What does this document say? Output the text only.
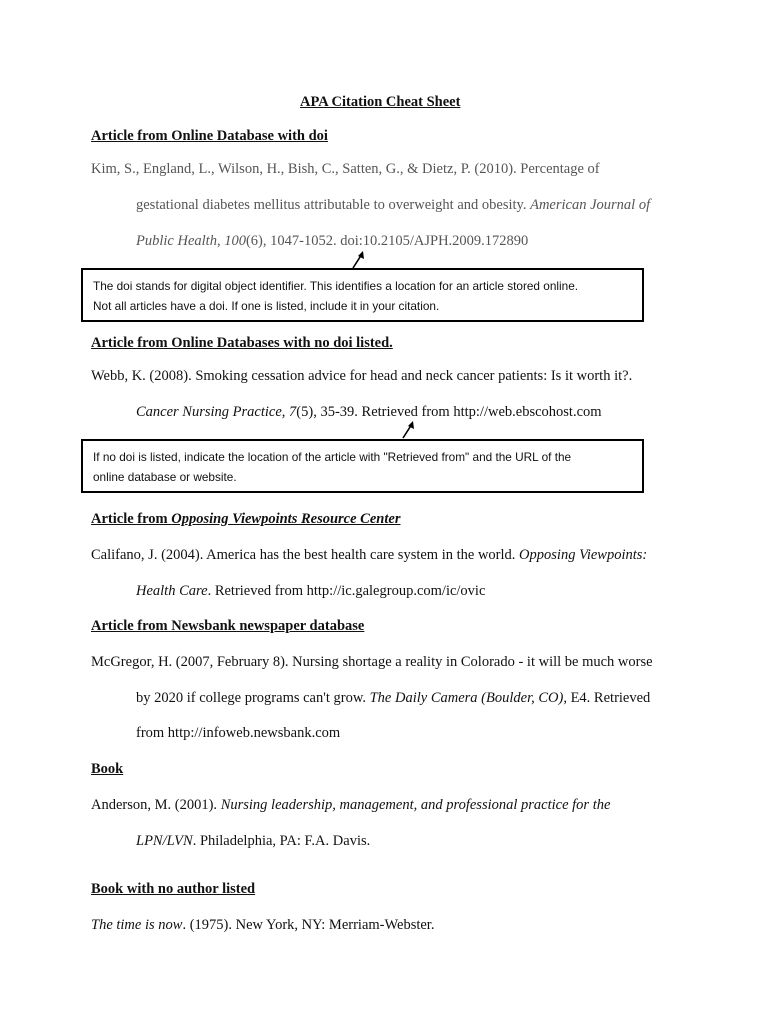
APA Citation Cheat Sheet
Article from Online Database with doi
Kim, S., England, L., Wilson, H., Bish, C., Satten, G., & Dietz, P. (2010). Percentage of
gestational diabetes mellitus attributable to overweight and obesity. American Journal of
Public Health, 100(6), 1047-1052. doi:10.2105/AJPH.2009.172890
The doi stands for digital object identifier. This identifies a location for an article stored online.
Not all articles have a doi. If one is listed, include it in your citation.
Article from Online Databases with no doi listed.
Webb, K. (2008). Smoking cessation advice for head and neck cancer patients: Is it worth it?.
Cancer Nursing Practice, 7(5), 35-39. Retrieved from http://web.ebscohost.com
If no doi is listed, indicate the location of the article with "Retrieved from" and the URL of the
online database or website.
Article from Opposing Viewpoints Resource Center
Califano, J. (2004). America has the best health care system in the world. Opposing Viewpoints:
Health Care. Retrieved from http://ic.galegroup.com/ic/ovic
Article from Newsbank newspaper database
McGregor, H. (2007, February 8). Nursing shortage a reality in Colorado - it will be much worse
by 2020 if college programs can't grow. The Daily Camera (Boulder, CO), E4. Retrieved
from http://infoweb.newsbank.com
Book
Anderson, M. (2001). Nursing leadership, management, and professional practice for the
LPN/LVN. Philadelphia, PA: F.A. Davis.
Book with no author listed
The time is now. (1975). New York, NY: Merriam-Webster.
